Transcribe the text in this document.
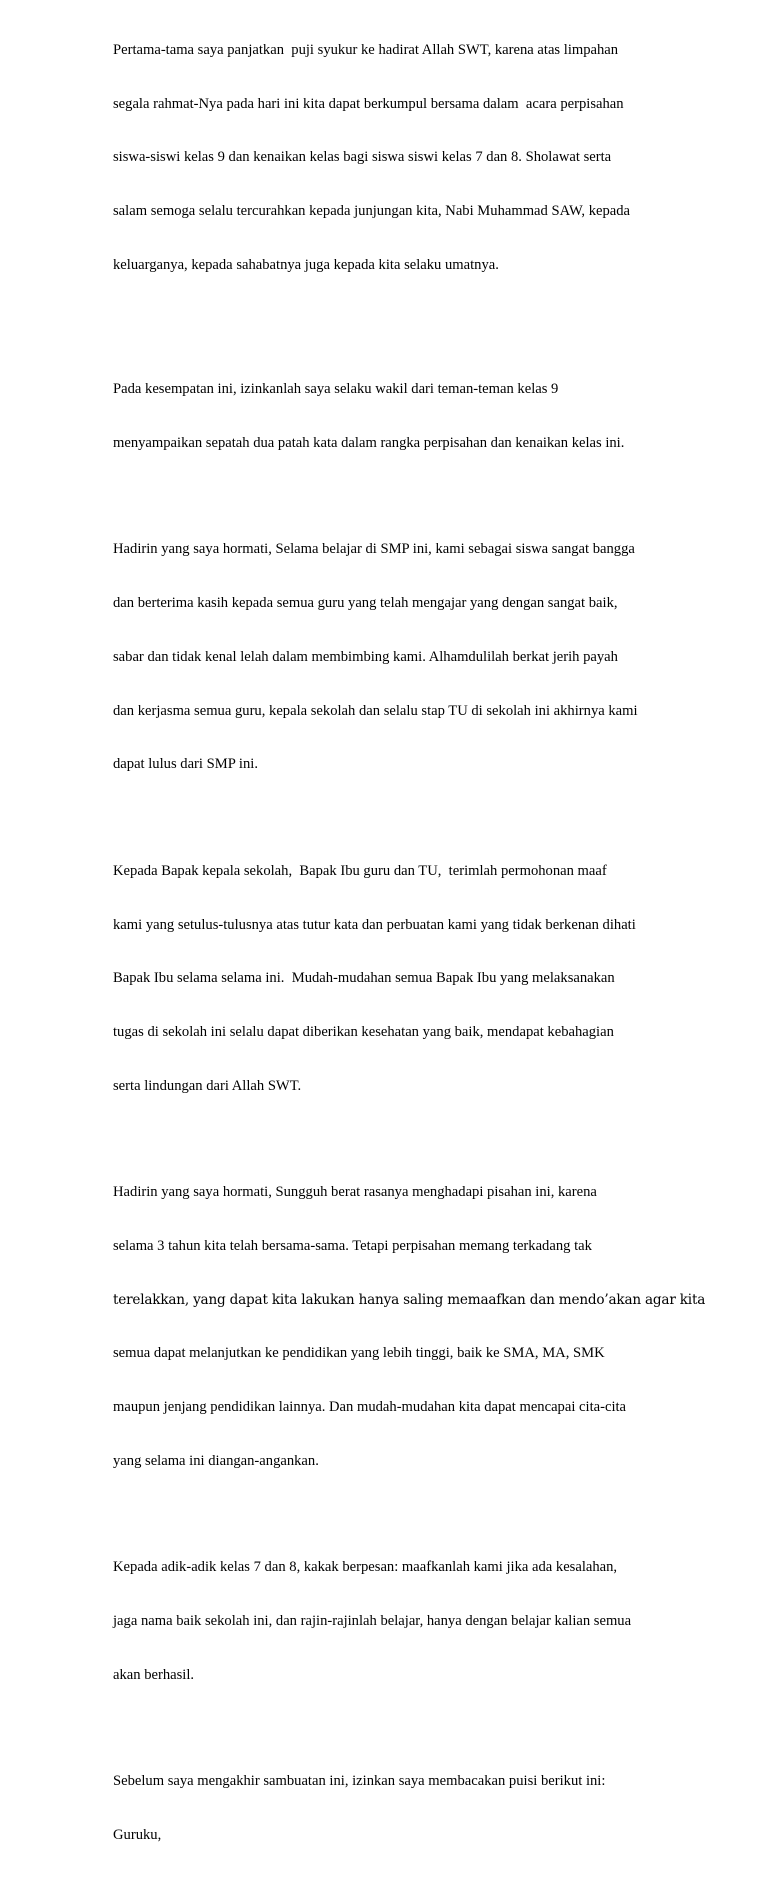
Pertama-tama saya panjatkan  puji syukur ke hadirat Allah SWT, karena atas limpahan

segala rahmat-Nya pada hari ini kita dapat berkumpul bersama dalam  acara perpisahan

siswa-siswi kelas 9 dan kenaikan kelas bagi siswa siswi kelas 7 dan 8. Sholawat serta

salam semoga selalu tercurahkan kepada junjungan kita, Nabi Muhammad SAW, kepada

keluarganya, kepada sahabatnya juga kepada kita selaku umatnya.

Pada kesempatan ini, izinkanlah saya selaku wakil dari teman-teman kelas 9

menyampaikan sepatah dua patah kata dalam rangka perpisahan dan kenaikan kelas ini.

Hadirin yang saya hormati, Selama belajar di SMP ini, kami sebagai siswa sangat bangga

dan berterima kasih kepada semua guru yang telah mengajar yang dengan sangat baik,

sabar dan tidak kenal lelah dalam membimbing kami. Alhamdulilah berkat jerih payah

dan kerjasma semua guru, kepala sekolah dan selalu stap TU di sekolah ini akhirnya kami

dapat lulus dari SMP ini.

Kepada Bapak kepala sekolah,  Bapak Ibu guru dan TU,  terimlah permohonan maaf

kami yang setulus-tulusnya atas tutur kata dan perbuatan kami yang tidak berkenan dihati

Bapak Ibu selama selama ini.  Mudah-mudahan semua Bapak Ibu yang melaksanakan

tugas di sekolah ini selalu dapat diberikan kesehatan yang baik, mendapat kebahagian

serta lindungan dari Allah SWT.

Hadirin yang saya hormati, Sungguh berat rasanya menghadapi pisahan ini, karena

selama 3 tahun kita telah bersama-sama. Tetapi perpisahan memang terkadang tak

terelakkan, yang dapat kita lakukan hanya saling memaafkan dan mendo’akan agar kita

semua dapat melanjutkan ke pendidikan yang lebih tinggi, baik ke SMA, MA, SMK

maupun jenjang pendidikan lainnya. Dan mudah-mudahan kita dapat mencapai cita-cita

yang selama ini diangan-angankan.

Kepada adik-adik kelas 7 dan 8, kakak berpesan: maafkanlah kami jika ada kesalahan,

jaga nama baik sekolah ini, dan rajin-rajinlah belajar, hanya dengan belajar kalian semua

akan berhasil.

Sebelum saya mengakhir sambuatan ini, izinkan saya membacakan puisi berikut ini:

Guruku,
